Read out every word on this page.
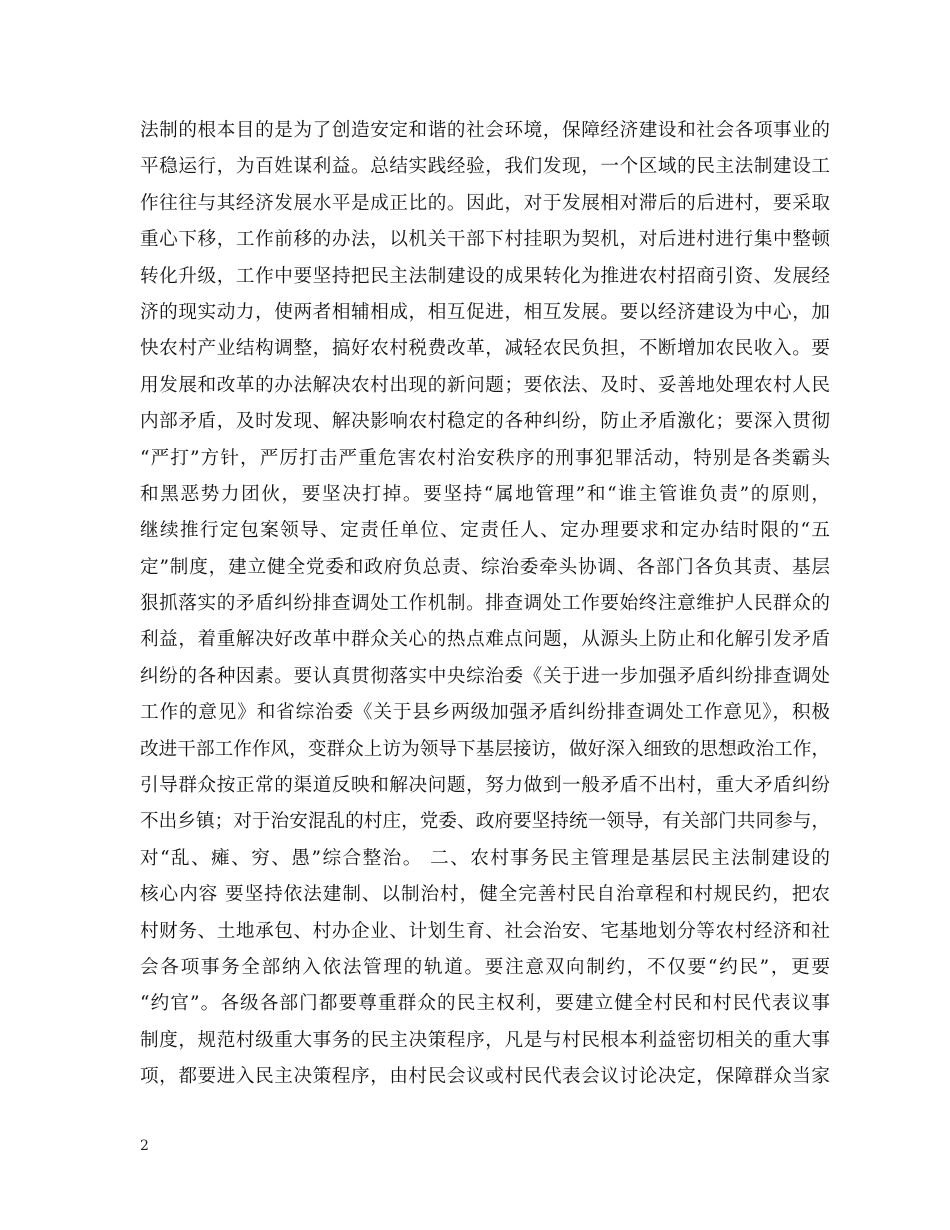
法制的根本目的是为了创造安定和谐的社会环境，保障经济建设和社会各项事业的
平稳运行，为百姓谋利益。总结实践经验，我们发现，一个区域的民主法制建设工
作往往与其经济发展水平是成正比的。因此，对于发展相对滞后的后进村，要采取
重心下移，工作前移的办法，以机关干部下村挂职为契机，对后进村进行集中整顿
转化升级，工作中要坚持把民主法制建设的成果转化为推进农村招商引资、发展经
济的现实动力，使两者相辅相成，相互促进，相互发展。要以经济建设为中心，加
快农村产业结构调整，搞好农村税费改革，减轻农民负担，不断增加农民收入。要
用发展和改革的办法解决农村出现的新问题；要依法、及时、妥善地处理农村人民
内部矛盾，及时发现、解决影响农村稳定的各种纠纷，防止矛盾激化；要深入贯彻
“严打”方针，严厉打击严重危害农村治安秩序的刑事犯罪活动，特别是各类霸头
和黑恶势力团伙，要坚决打掉。要坚持“属地管理”和“谁主管谁负责”的原则，
继续推行定包案领导、定责任单位、定责任人、定办理要求和定办结时限的“五
定”制度，建立健全党委和政府负总责、综治委牵头协调、各部门各负其责、基层
狠抓落实的矛盾纠纷排查调处工作机制。排查调处工作要始终注意维护人民群众的
利益，着重解决好改革中群众关心的热点难点问题，从源头上防止和化解引发矛盾
纠纷的各种因素。要认真贯彻落实中央综治委《关于进一步加强矛盾纠纷排查调处
工作的意见》和省综治委《关于县乡两级加强矛盾纠纷排查调处工作意见》，积极
改进干部工作作风，变群众上访为领导下基层接访，做好深入细致的思想政治工作，
引导群众按正常的渠道反映和解决问题，努力做到一般矛盾不出村，重大矛盾纠纷
不出乡镇；对于治安混乱的村庄，党委、政府要坚持统一领导，有关部门共同参与，
对“乱、瘫、穷、愚”综合整治。 二、农村事务民主管理是基层民主法制建设的
核心内容 要坚持依法建制、以制治村，健全完善村民自治章程和村规民约，把农
村财务、土地承包、村办企业、计划生育、社会治安、宅基地划分等农村经济和社
会各项事务全部纳入依法管理的轨道。要注意双向制约，不仅要“约民”，更要
“约官”。各级各部门都要尊重群众的民主权利，要建立健全村民和村民代表议事
制度，规范村级重大事务的民主决策程序，凡是与村民根本利益密切相关的重大事
项，都要进入民主决策程序，由村民会议或村民代表会议讨论决定，保障群众当家
2
